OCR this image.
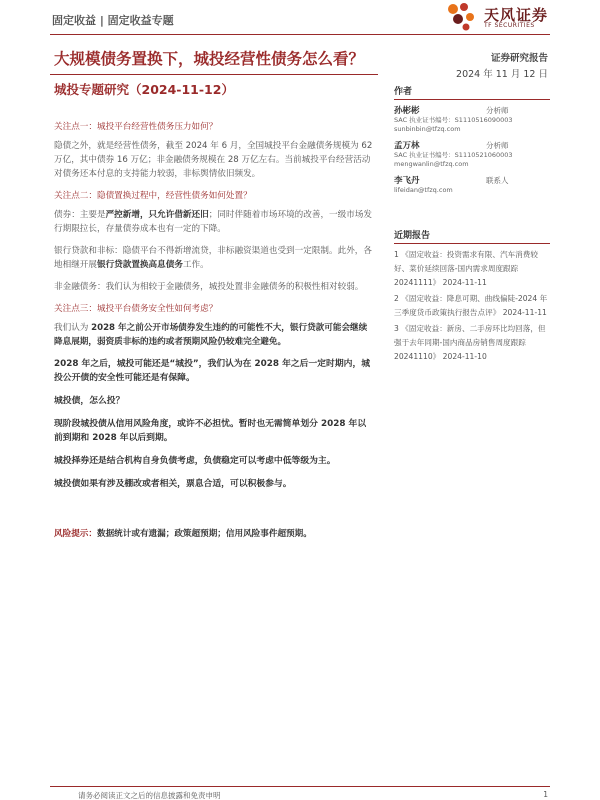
固定收益 | 固定收益专题	天风证券
TF SECURITIES
大规模债务置换下，城投经营性债务怎么看？	证券研究报告
2024 年 11 月 12 日
城投专题研究（2024-11-12）
关注点一：城投平台经营性债务压力如何？
隐债之外，就是经营性债务，截至 2024 年 6 月，全国城投平台金融债务规模为 62 万亿，其中债券 16 万亿；非金融债务规模在 28 万亿左右。当前城投平台经营活动对债务还本付息的支持能力较弱，非标舆情依旧频发。
关注点二：隐债置换过程中，经营性债务如何处置？
债券：主要是严控新增，只允许借新还旧；同时伴随着市场环境的改善，一级市场发行期限拉长，存量债券成本也有一定的下降。
银行贷款和非标：隐债平台不得新增流贷，非标融资渠道也受到一定限制。此外，各地相继开展银行贷款置换高息债务工作。
非金融债务：我们认为相较于金融债务，城投处置非金融债务的积极性相对较弱。
关注点三：城投平台债务安全性如何考虑？
我们认为 2028 年之前公开市场债券发生违约的可能性不大，银行贷款可能会继续降息展期，弱资质非标的违约或者预期风险仍较难完全避免。
2028 年之后，城投可能还是“城投”，我们认为在 2028 年之后一定时期内，城投公开债的安全性可能还是有保障。
城投债，怎么投？
现阶段城投债从信用风险角度，或许不必担忧。暂时也无需简单划分 2028 年以前到期和 2028 年以后到期。
城投择券还是结合机构自身负债考虑，负债稳定可以考虑中低等级为主。
城投债如果有涉及棚改或者相关，票息合适，可以积极参与。
风险提示：数据统计或有遗漏；政策超预期；信用风险事件超预期。
作者
孙彬彬	分析师
SAC 执业证书编号：S1110516090003
sunbinbin@tfzq.com
孟万林	分析师
SAC 执业证书编号：S1110521060003
mengwanlin@tfzq.com
李飞丹	联系人
lifeidan@tfzq.com
近期报告
1 《固定收益：投资需求有限、汽车消费较好、菜价延续回落-国内需求周度跟踪 20241111》 2024-11-11
2 《固定收益：降息可期、曲线偏陡-2024 年三季度货币政策执行报告点评》 2024-11-11
3 《固定收益：新房、二手房环比均回落，但强于去年同期-国内商品房销售周度跟踪 20241110》 2024-11-10
请务必阅读正文之后的信息披露和免责申明	1
